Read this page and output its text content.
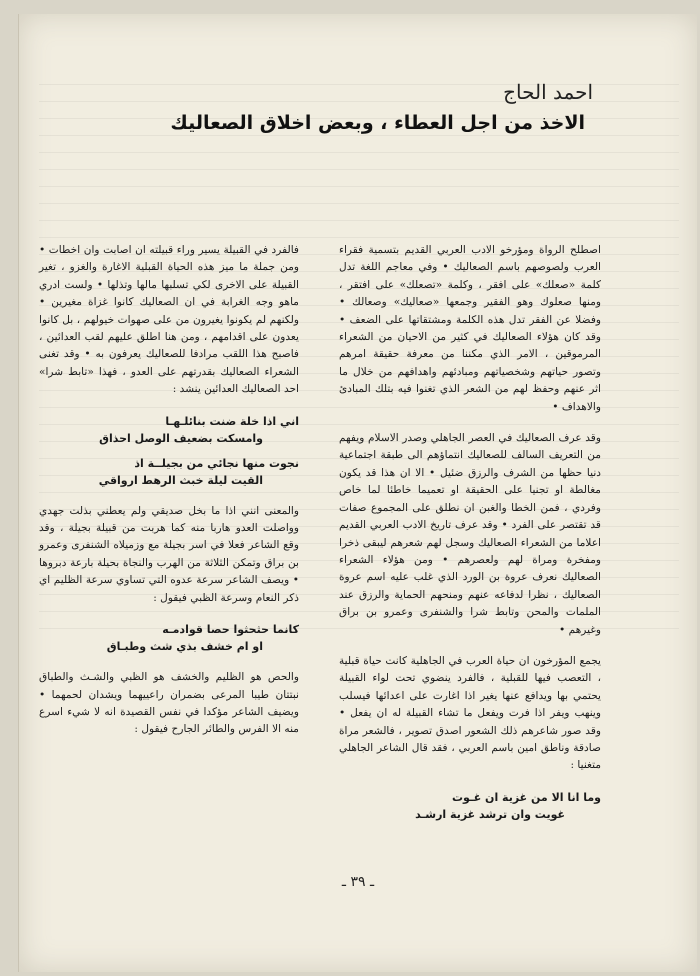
احمد الحاج
الاخذ من اجل العطاء ، وبعض اخلاق الصعاليك

اصطلح الرواة ومؤرخو الادب العربي القديم بتسمية فقراء العرب ولصوصهم باسم الصعاليك • وفي معاجم اللغة تدل كلمة «صعلك» على افقر ، وكلمة «تصعلك» على افتقر ، ومنها صعلوك وهو الفقير وجمعها «صعاليك» وصعالك • وفضلا عن الفقر تدل هذه الكلمة ومشتقاتها على الضعف • وقد كان هؤلاء الصعاليك في كثير من الاحيان من الشعراء المرموقين ، الامر الذي مكننا من معرفة حقيقة امرهم وتصور حياتهم وشخصياتهم ومبادئهم واهدافهم من خلال ما اثر عنهم وحفظ لهم من الشعر الذي تغنوا فيه بتلك المبادئ والاهداف •

وقد عرف الصعاليك في العصر الجاهلي وصدر الاسلام ويفهم من التعريف السالف للصعاليك انتماؤهم الى طبقة اجتماعية دنيا حظها من الشرف والرزق ضئيل • الا ان هذا قد يكون مغالطة او تجنيا على الحقيقة او تعميما خاطئا لما خاص وفردي ، فمن الخطا والغبن ان نطلق على المجموع صفات قد تقتصر على الفرد • وقد عرف تاريخ الادب العربي القديم اعلاما من الشعراء الصعاليك وسجل لهم شعرهم ليبقى ذخرا ومفخرة ومراة لهم ولعصرهم • ومن هؤلاء الشعراء الصعاليك نعرف عروة بن الورد الذي غلب عليه اسم عروة الصعاليك ، نظرا لدفاعه عنهم ومنحهم الحماية والرزق عند الملمات والمحن وتابط شرا والشنفرى وعمرو بن براق وغيرهم •

يجمع المؤرخون ان حياة العرب في الجاهلية كانت حياة قبلية ، التعصب فيها للقبلية ، فالفرد ينضوي تحت لواء القبيلة يحتمي بها ويدافع عنها يغير اذا اغارت على اعدائها فيسلب وينهب ويفر اذا فرت ويفعل ما تشاء القبيلة له ان يفعل • وقد صور شاعرهم ذلك الشعور اصدق تصوير ، فالشعر مراة صادقة وناطق امين باسم العربي ، فقد قال الشاعر الجاهلي متغنيا :

وما انا الا من غزية ان غـوت
غويت وان ترشد غزية ارشـد

فالفرد في القبيلة يسير وراء قبيلته ان اصابت وان اخطات • ومن جملة ما ميز هذه الحياة القبلية الاغارة والغزو ، تغير القبيلة على الاخرى لكي تسلبها مالها وتذلها • ولست ادري ماهو وجه الغرابة في ان الصعاليك كانوا غزاة مغيرين • ولكنهم لم يكونوا يغيرون من على صهوات خيولهم ، بل كانوا يعدون على اقدامهم ، ومن هنا اطلق عليهم لقب العدائين ، فاصبح هذا اللقب مرادفا للصعاليك يعرفون به • وقد تغنى الشعراء الصعاليك بقدرتهم على العدو ، فهذا «تابط شرا» احد الصعاليك العدائين ينشد :

اني اذا خلة ضنت بنائلـهـا
وامسكت بضعيف الوصل احذاق
نجوت منها نجائي من بجيلــة اذ
القيت ليلة خبث الرهط ارواقي

والمعنى انني اذا ما بخل صديقي ولم يعطني بذلت جهدي وواصلت العدو هاربا منه كما هربت من قبيلة بجيلة ، وقد وقع الشاعر فعلا في اسر بجيلة مع وزميلاه الشنفرى وعمرو بن براق وتمكن الثلاثة من الهرب والنجاة بحيلة بارعة دبروها • ويصف الشاعر سرعة عدوه التي تساوي سرعة الظليم اي ذكر النعام وسرعة الظبي فيقول :

كانما حثحثوا حصا قوادمـه
او ام خشف بذي شث وطبـاق

والحص هو الظليم والخشف هو الظبي والشـث والطباق نبتتان طيبا المرعى بضمران راعييهما ويشدان لحمهما • ويضيف الشاعر مؤكدا في نفس القصيدة انه لا شيء اسرع منه الا الفرس والطائر الجارح فيقول :

ـ ٣٩ ـ
